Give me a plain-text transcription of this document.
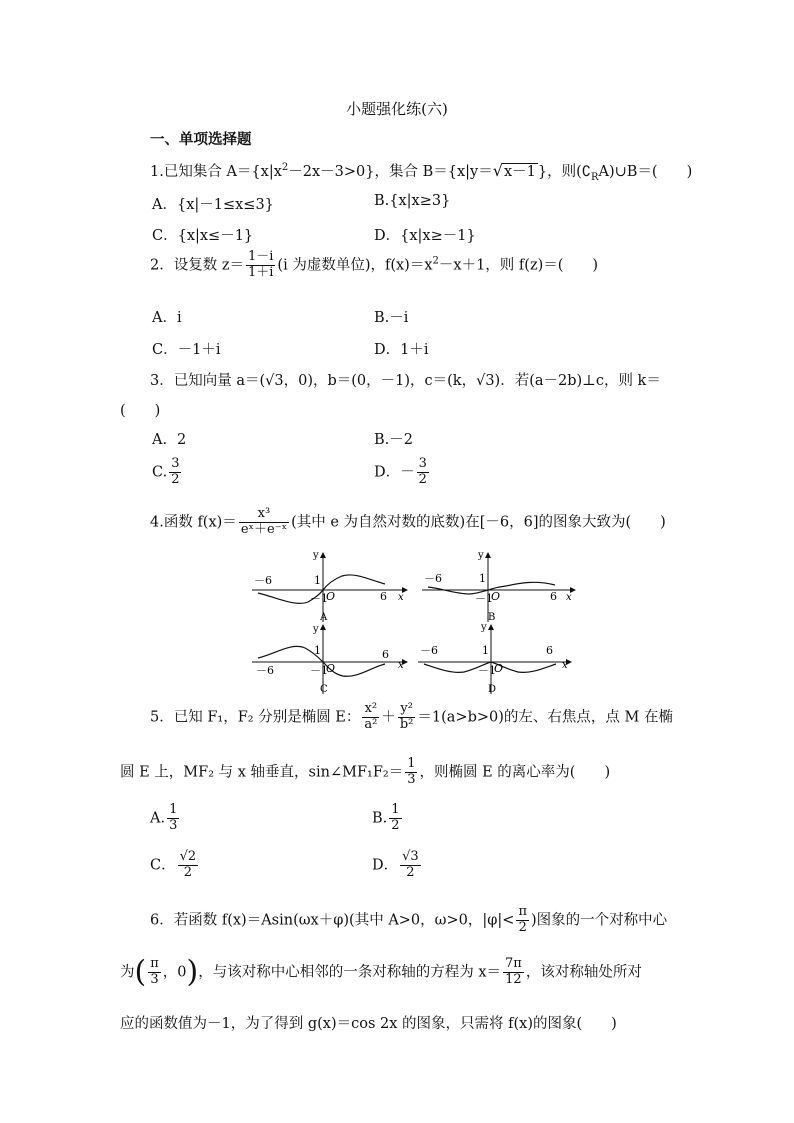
小题强化练(六)
一、单项选择题
1.已知集合 $A=\{x|x^2-2x-3>0\}$，集合 B＝{x|y＝√x－1 }，则$(∁_RA)\cup B=$(　　)
A．{x|－1≤x≤3}	B.{x|x≥3}
C．{x|x≤－1}	D．{x|x≥－1}
2．设复数 $z= \frac{1-i}{1+i} (i$ 为虚数单位)，$f(x)=x^2-x+1$，则 f(z)＝(　　)
A．i	B.－i
C．－1＋i	D．1＋i
3．已知向量 a＝(√3，0)，b＝(0，－1)，c＝(k，√3)．若(a－2b)⊥c，则 k＝
(　　)
A．2	B.－2
C. $\frac{3}{2}$	D．－ $\frac{3}{2}$
4.函数 $f(x)= \frac{\text{x³}}{\text{eˣ＋e⁻ˣ}}$ (其中 e 为自然对数的底数)在[－6，6]的图象大致为(　　)
y
x
－6
6
1
－1
O
A
y
x
－6
6
1
－1
O
B
y
x
－6
6
1
－1
O
C
y
x
－6	6
1
－1
O
D
5．已知 F₁，F₂ 分别是椭圆 E： $\frac{\text{x²}}{\text{a²}} + \frac{\text{y²}}{\text{b²}} =1(a>b>0)$的左、右焦点，点 M 在椭
圆 E 上，MF₂ 与 x 轴垂直，sin∠MF₁F₂＝ $\frac{1}{3}$ ，则椭圆 E 的离心率为(　　)
A. $\frac{1}{3}$	B. $\frac{1}{2}$
C． $\frac{√2}{2}$	D． $\frac{√3}{2}$
6．若函数 f(x)＝Asin(ωx＋φ)(其中 A>0，ω>0，$|\varphi|< \frac{\pi}{2}$ )图象的一个对称中心
为( $\frac{\pi}{3}$ ，0)，与该对称中心相邻的一条对称轴的方程为 $x= \frac{7\pi}{12}$ ，该对称轴处所对
应的函数值为－1，为了得到 g(x)＝cos 2x 的图象，只需将 f(x)的图象(　　)
